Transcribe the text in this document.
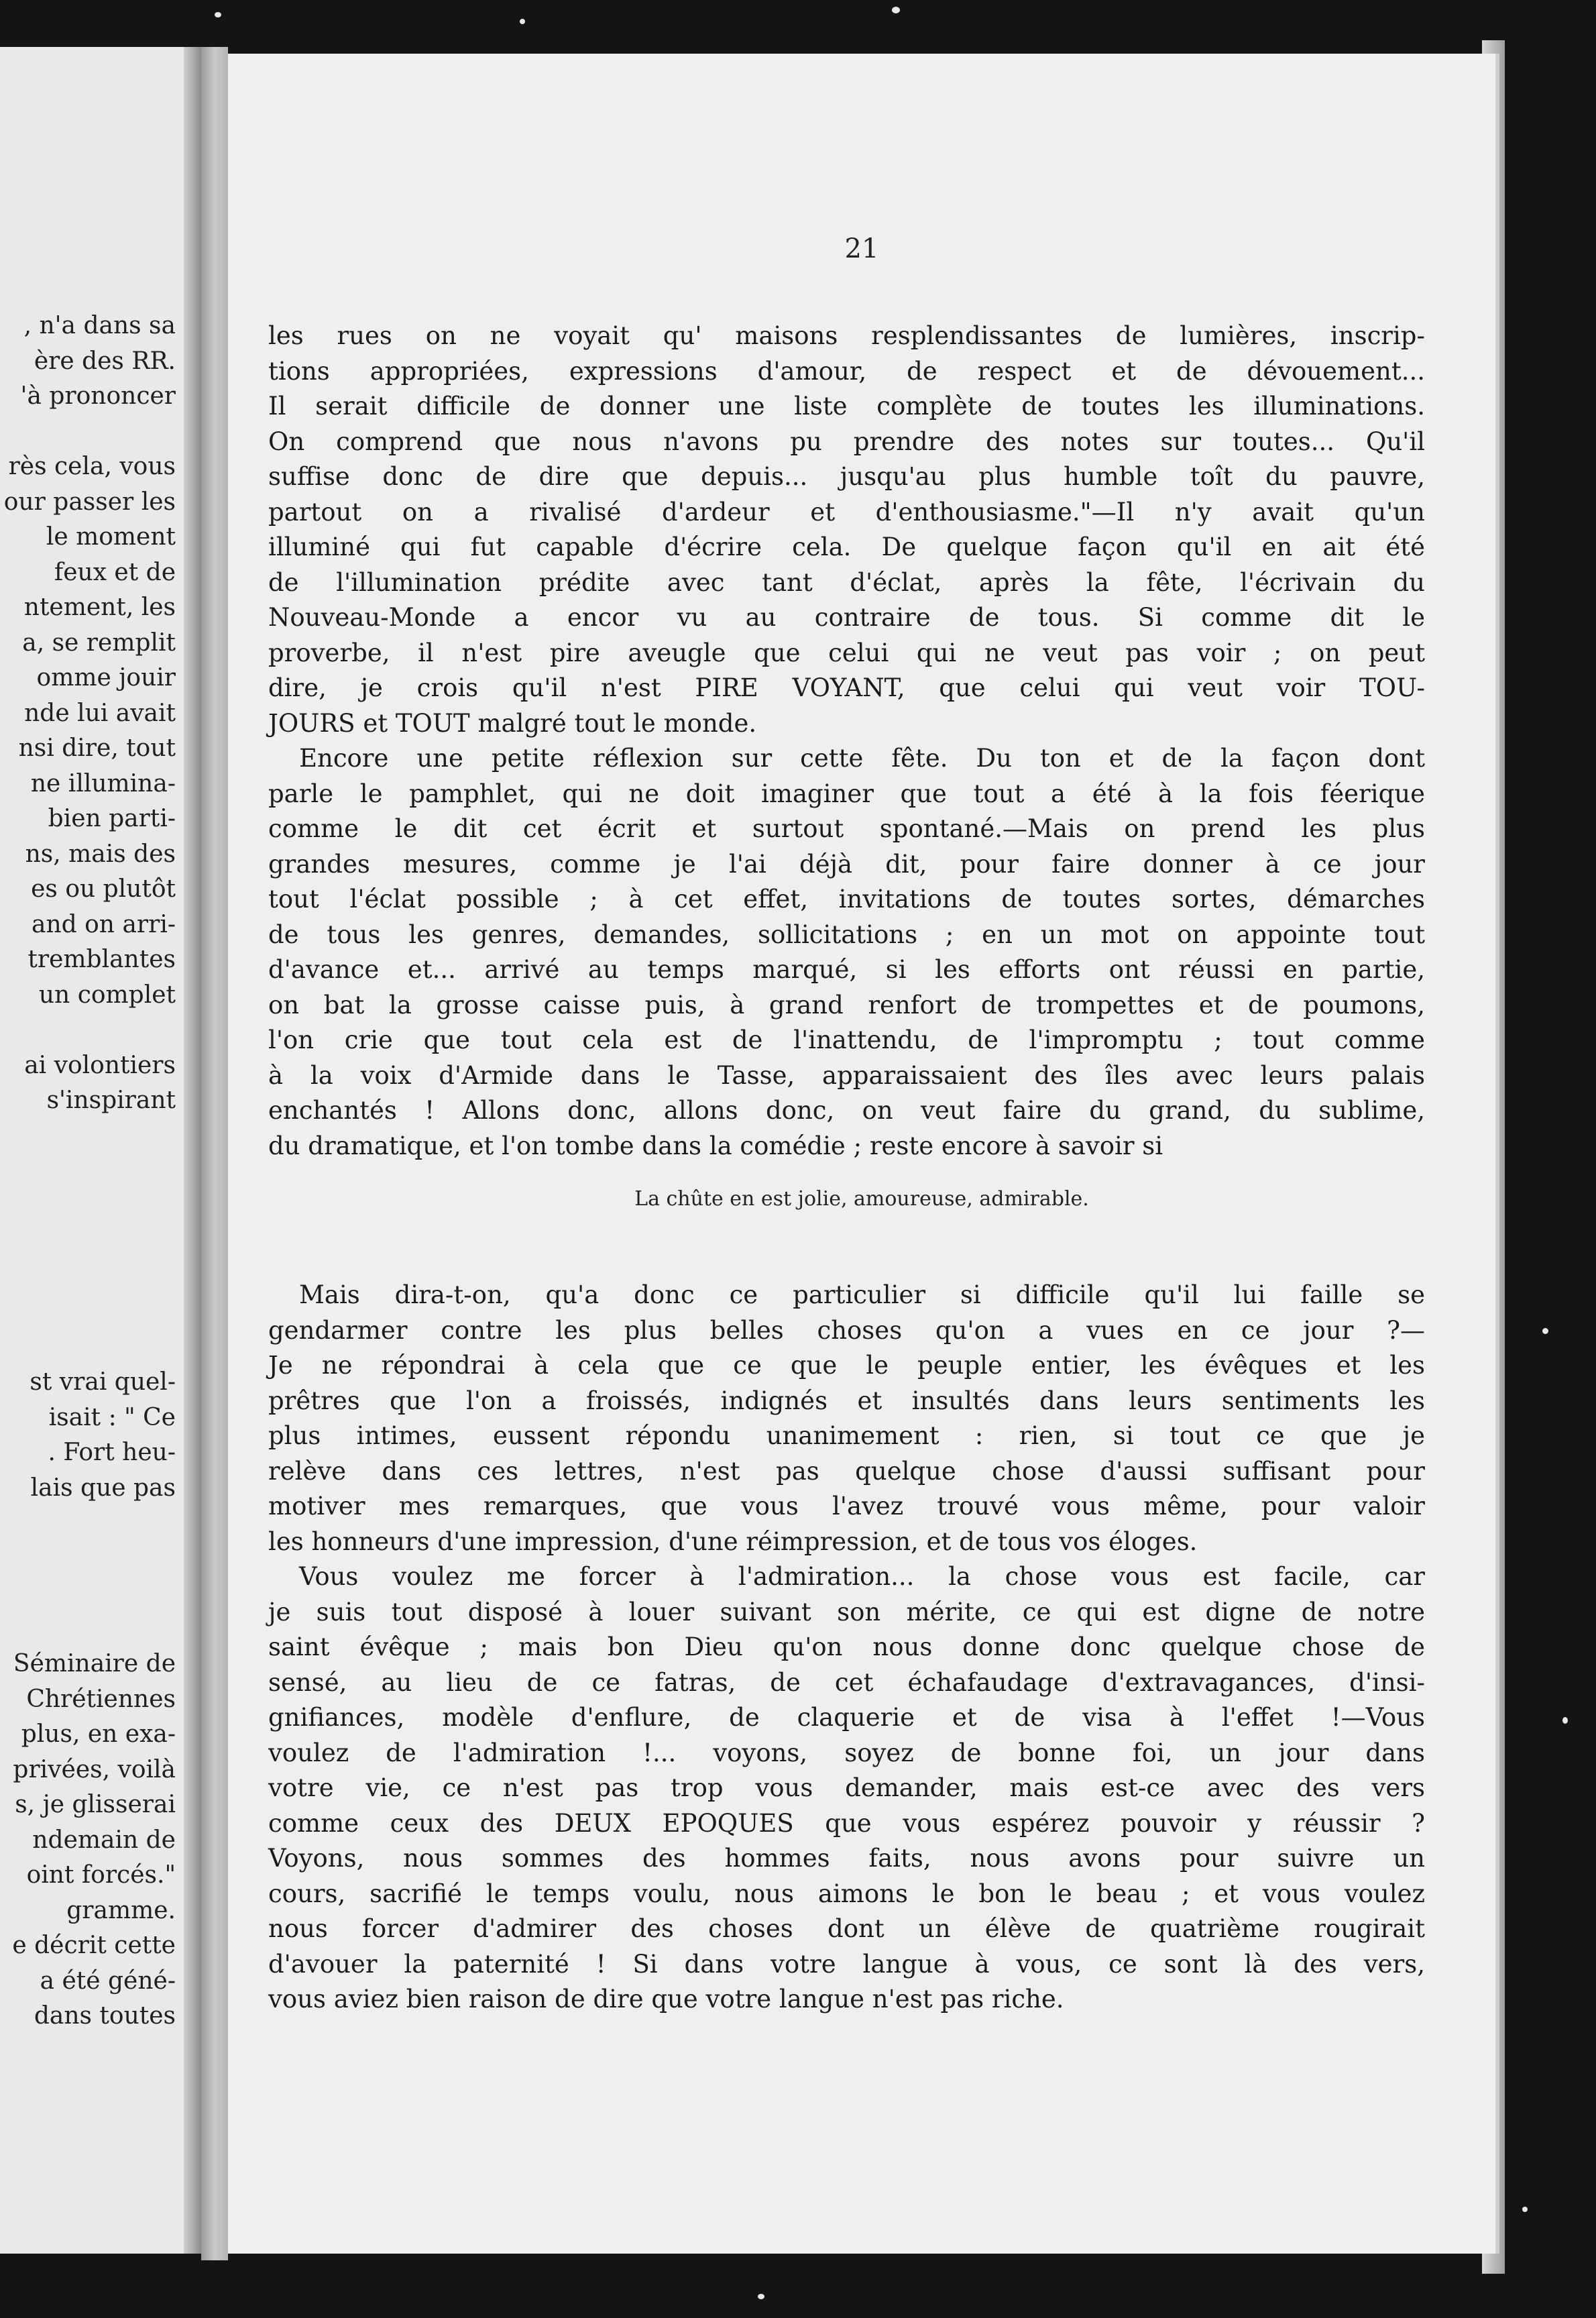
, n'a dans sa
ère des RR.
'à prononcer
rès cela, vous
our passer les
le moment
feux et de
ntement, les
a, se remplit
omme jouir
nde lui avait
nsi dire, tout
ne illumina-
bien parti-
ns, mais des
es ou plutôt
and on arri-
tremblantes
un complet
ai volontiers
s'inspirant
st vrai quel-
isait : " Ce
. Fort heu-
lais que pas
Séminaire de
Chrétiennes
plus, en exa-
privées, voilà
s, je glisserai
ndemain de
oint forcés."
gramme.
e décrit cette
a été géné-
dans toutes
21
les rues on ne voyait qu' maisons resplendissantes de lumières, inscrip-
tions appropriées, expressions d'amour, de respect et de dévouement...
Il serait difficile de donner une liste complète de toutes les illuminations.
On comprend que nous n'avons pu prendre des notes sur toutes... Qu'il
suffise donc de dire que depuis... jusqu'au plus humble toît du pauvre,
partout on a rivalisé d'ardeur et d'enthousiasme."—Il n'y avait qu'un
illuminé qui fut capable d'écrire cela. De quelque façon qu'il en ait été
de l'illumination prédite avec tant d'éclat, après la fête, l'écrivain du
Nouveau-Monde a encor vu au contraire de tous. Si comme dit le
proverbe, il n'est pire aveugle que celui qui ne veut pas voir ; on peut
dire, je crois qu'il n'est PIRE VOYANT, que celui qui veut voir TOU-
JOURS et TOUT malgré tout le monde.
Encore une petite réflexion sur cette fête. Du ton et de la façon dont
parle le pamphlet, qui ne doit imaginer que tout a été à la fois féerique
comme le dit cet écrit et surtout spontané.—Mais on prend les plus
grandes mesures, comme je l'ai déjà dit, pour faire donner à ce jour
tout l'éclat possible ; à cet effet, invitations de toutes sortes, démarches
de tous les genres, demandes, sollicitations ; en un mot on appointe tout
d'avance et... arrivé au temps marqué, si les efforts ont réussi en partie,
on bat la grosse caisse puis, à grand renfort de trompettes et de poumons,
l'on crie que tout cela est de l'inattendu, de l'impromptu ; tout comme
à la voix d'Armide dans le Tasse, apparaissaient des îles avec leurs palais
enchantés ! Allons donc, allons donc, on veut faire du grand, du sublime,
du dramatique, et l'on tombe dans la comédie ; reste encore à savoir si
La chûte en est jolie, amoureuse, admirable.
Mais dira-t-on, qu'a donc ce particulier si difficile qu'il lui faille se
gendarmer contre les plus belles choses qu'on a vues en ce jour ?—
Je ne répondrai à cela que ce que le peuple entier, les évêques et les
prêtres que l'on a froissés, indignés et insultés dans leurs sentiments les
plus intimes, eussent répondu unanimement : rien, si tout ce que je
relève dans ces lettres, n'est pas quelque chose d'aussi suffisant pour
motiver mes remarques, que vous l'avez trouvé vous même, pour valoir
les honneurs d'une impression, d'une réimpression, et de tous vos éloges.
Vous voulez me forcer à l'admiration... la chose vous est facile, car
je suis tout disposé à louer suivant son mérite, ce qui est digne de notre
saint évêque ; mais bon Dieu qu'on nous donne donc quelque chose de
sensé, au lieu de ce fatras, de cet échafaudage d'extravagances, d'insi-
gnifiances, modèle d'enflure, de claquerie et de visa à l'effet !—Vous
voulez de l'admiration !... voyons, soyez de bonne foi, un jour dans
votre vie, ce n'est pas trop vous demander, mais est-ce avec des vers
comme ceux des DEUX EPOQUES que vous espérez pouvoir y réussir ?
Voyons, nous sommes des hommes faits, nous avons pour suivre un
cours, sacrifié le temps voulu, nous aimons le bon le beau ; et vous voulez
nous forcer d'admirer des choses dont un élève de quatrième rougirait
d'avouer la paternité ! Si dans votre langue à vous, ce sont là des vers,
vous aviez bien raison de dire que votre langue n'est pas riche.
